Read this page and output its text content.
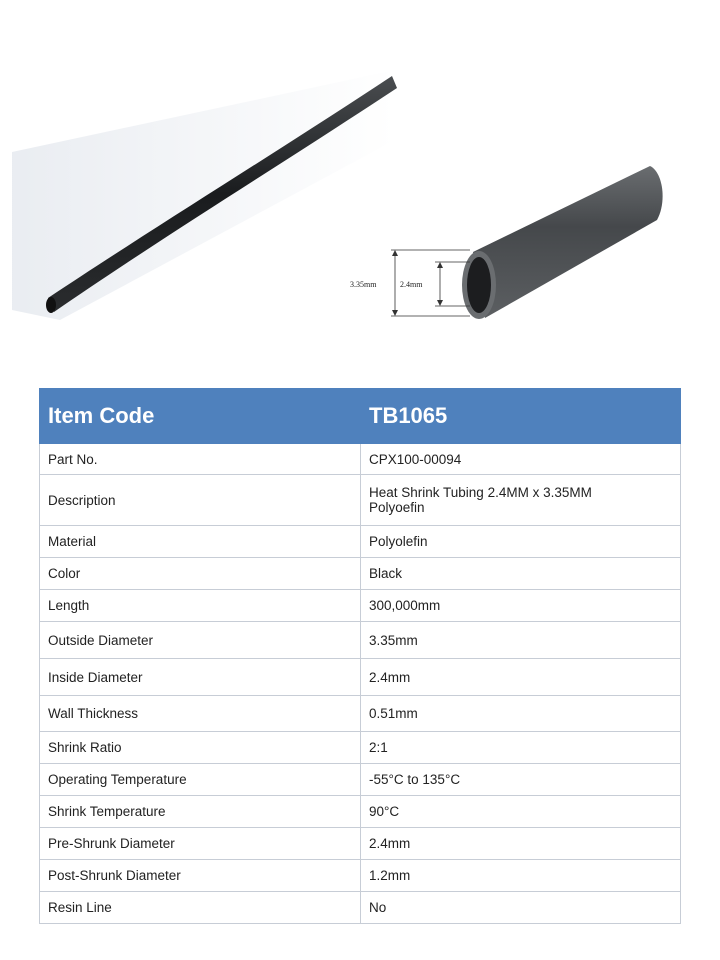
3.35mm	2.4mm
Item Code	TB1065
Part No.	CPX100-00094
Description	Heat Shrink Tubing 2.4MM x 3.35MM
Polyoefin
Material	Polyolefin
Color	Black
Length	300,000mm
Outside Diameter	3.35mm
Inside Diameter	2.4mm
Wall Thickness	0.51mm
Shrink Ratio	2:1
Operating Temperature	-55°C to 135°C
Shrink Temperature	90°C
Pre-Shrunk Diameter	2.4mm
Post-Shrunk Diameter	1.2mm
Resin Line	No
